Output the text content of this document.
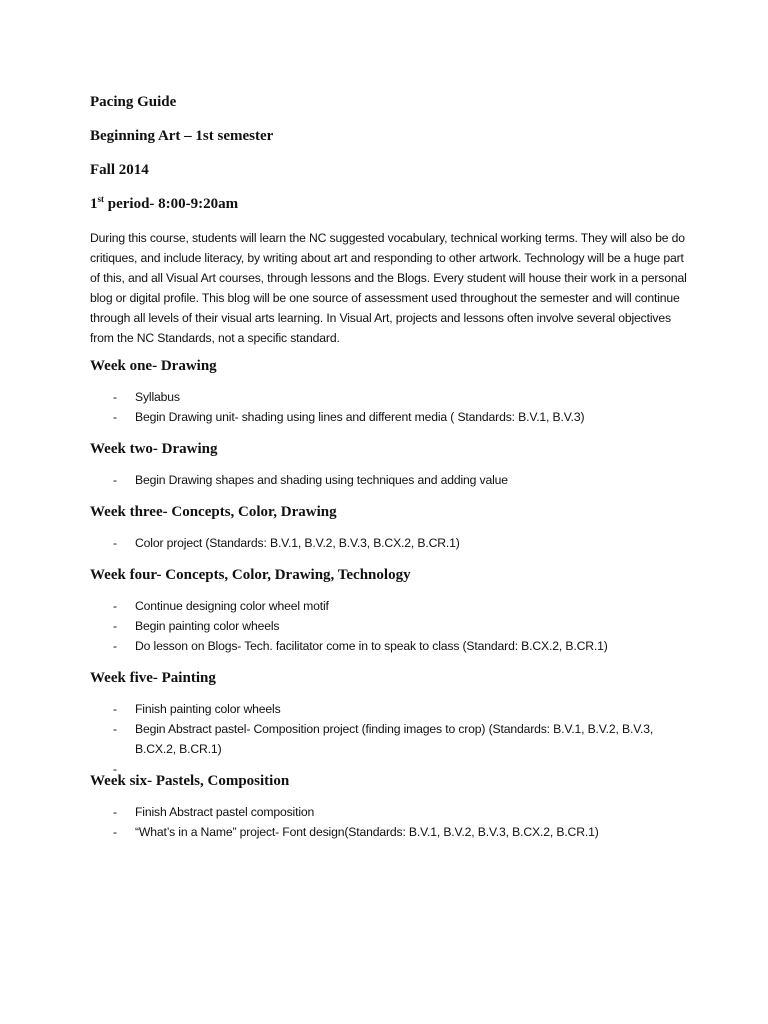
Pacing Guide
Beginning Art – 1st semester
Fall 2014
1st period- 8:00-9:20am

During this course, students will learn the NC suggested vocabulary, technical working terms. They will also be do critiques, and include literacy, by writing about art and responding to other artwork. Technology will be a huge part of this, and all Visual Art courses, through lessons and the Blogs. Every student will house their work in a personal blog or digital profile. This blog will be one source of assessment used throughout the semester and will continue through all levels of their visual arts learning. In Visual Art, projects and lessons often involve several objectives from the NC Standards, not a specific standard.

Week one- Drawing
- Syllabus
- Begin Drawing unit- shading using lines and different media ( Standards: B.V.1, B.V.3)
Week two- Drawing
- Begin Drawing shapes and shading using techniques and adding value
Week three- Concepts, Color, Drawing
- Color project (Standards: B.V.1, B.V.2, B.V.3, B.CX.2, B.CR.1)
Week four- Concepts, Color, Drawing, Technology
- Continue designing color wheel motif
- Begin painting color wheels
- Do lesson on Blogs- Tech. facilitator come in to speak to class (Standard: B.CX.2, B.CR.1)
Week five- Painting
- Finish painting color wheels
- Begin Abstract pastel- Composition project (finding images to crop) (Standards: B.V.1, B.V.2, B.V.3, B.CX.2, B.CR.1)
-
Week six- Pastels, Composition
- Finish Abstract pastel composition
- “What’s in a Name” project- Font design(Standards: B.V.1, B.V.2, B.V.3, B.CX.2, B.CR.1)
